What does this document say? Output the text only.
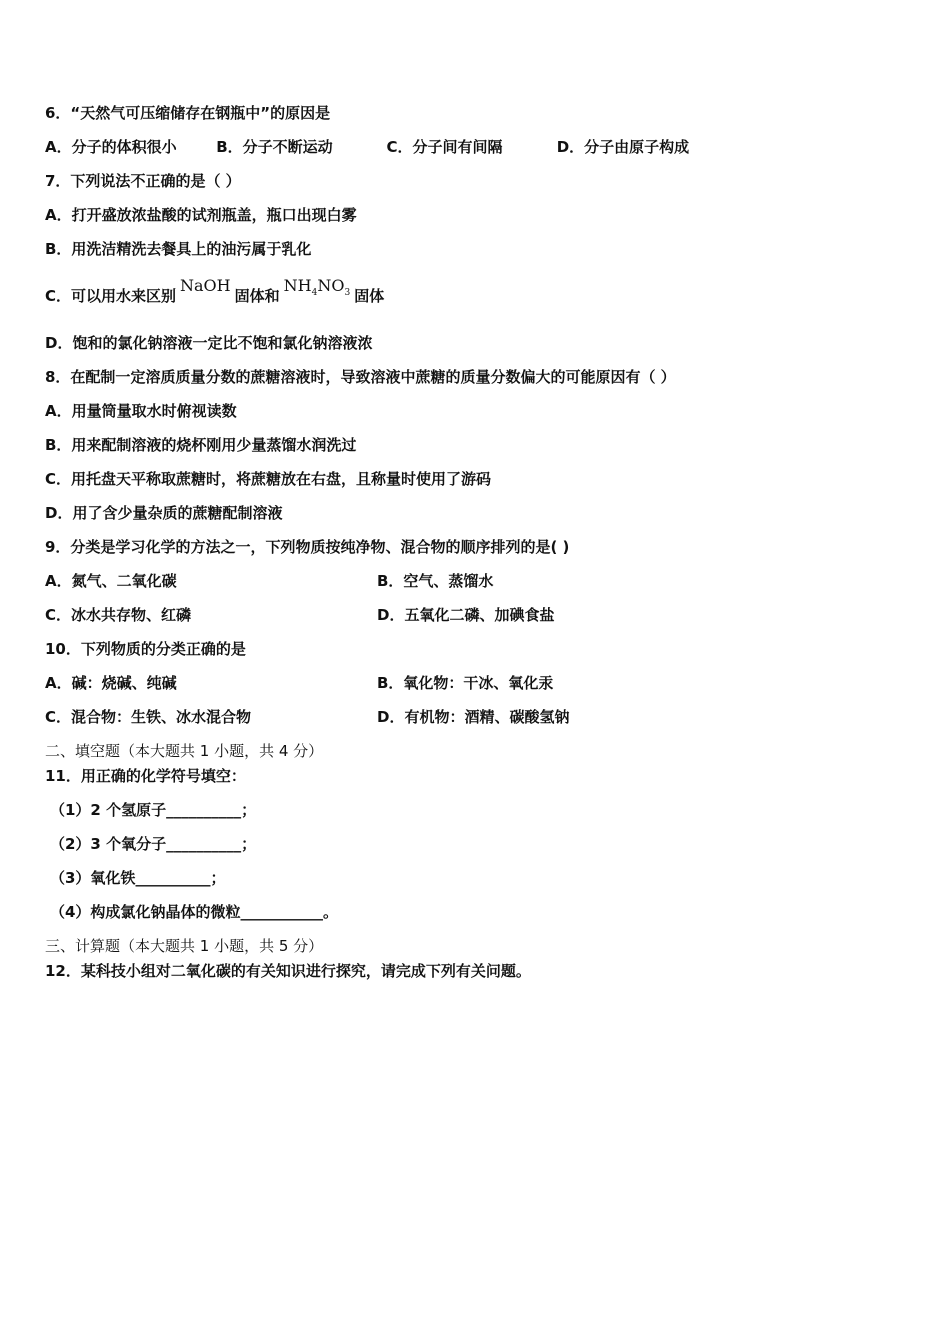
6．“天然气可压缩储存在钢瓶中”的原因是
A．分子的体积很小	B．分子不断运动	C．分子间有间隔	D．分子由原子构成
7．下列说法不正确的是（ ）
A．打开盛放浓盐酸的试剂瓶盖，瓶口出现白雾
B．用洗洁精洗去餐具上的油污属于乳化
C．可以用水来区别NaOH固体和$NH_4NO_3$ 固体
D．饱和的氯化钠溶液一定比不饱和氯化钠溶液浓
8．在配制一定溶质质量分数的蔗糖溶液时，导致溶液中蔗糖的质量分数偏大的可能原因有（ ）
A．用量筒量取水时俯视读数
B．用来配制溶液的烧杯刚用少量蒸馏水润洗过
C．用托盘天平称取蔗糖时，将蔗糖放在右盘，且称量时使用了游码
D．用了含少量杂质的蔗糖配制溶液
9．分类是学习化学的方法之一，下列物质按纯净物、混合物的顺序排列的是( )
A．氮气、二氧化碳	B．空气、蒸馏水
C．冰水共存物、红磷	D．五氧化二磷、加碘食盐
10．下列物质的分类正确的是
A．碱：烧碱、纯碱	B．氧化物：干冰、氧化汞
C．混合物：生铁、冰水混合物	D．有机物：酒精、碳酸氢钠
二、填空题（本大题共 1 小题，共 4 分）
11．用正确的化学符号填空：
（1）2 个氢原子__________；
（2）3 个氧分子__________；
（3）氧化铁__________；
（4）构成氯化钠晶体的微粒___________。
三、计算题（本大题共 1 小题，共 5 分）
12．某科技小组对二氧化碳的有关知识进行探究，请完成下列有关问题。
